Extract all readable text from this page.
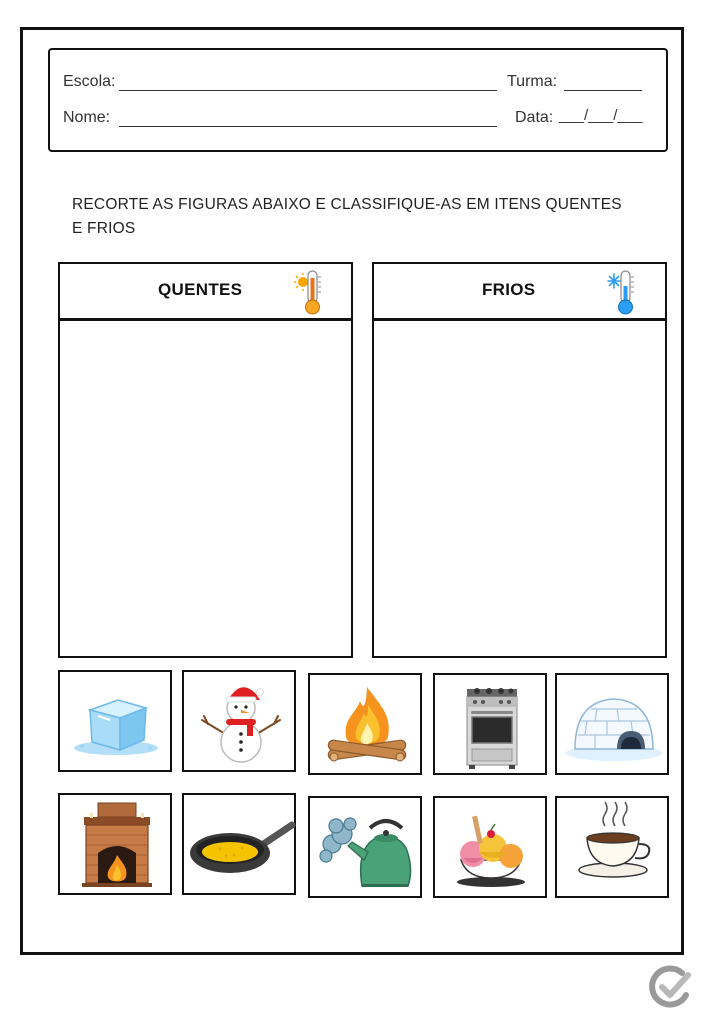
Escola:	Turma:
Nome:	Data: ___/___/___
RECORTE AS FIGURAS ABAIXO E CLASSIFIQUE-AS EM ITENS QUENTES E FRIOS
QUENTES	FRIOS
